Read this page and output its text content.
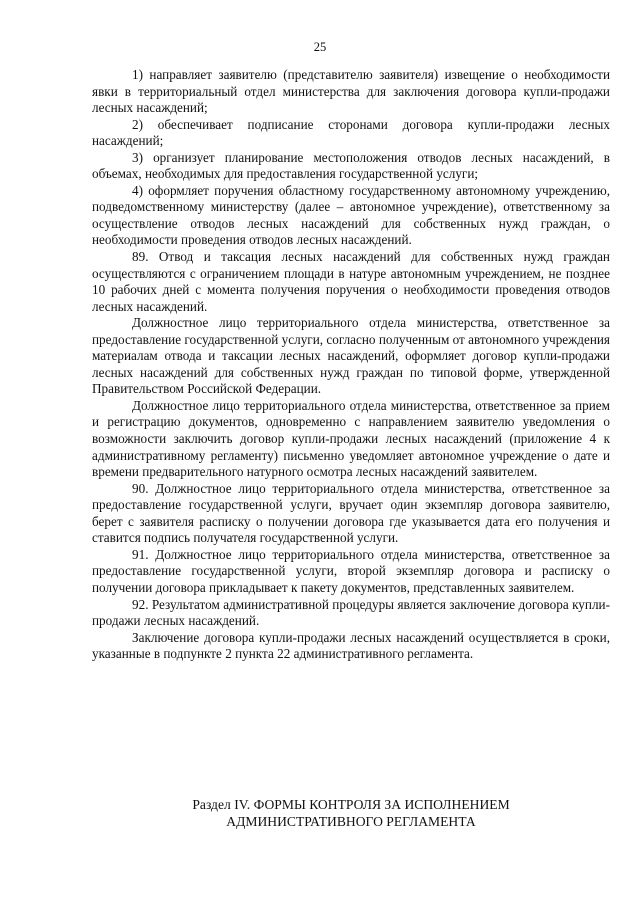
25

1) направляет заявителю (представителю заявителя) извещение о необходимости явки в территориальный отдел министерства для заключения договора купли-продажи лесных насаждений;

2) обеспечивает подписание сторонами договора купли-продажи лесных насаждений;

3) организует планирование местоположения отводов лесных насаждений, в объемах, необходимых для предоставления государственной услуги;

4) оформляет поручения областному государственному автономному учреждению, подведомственному министерству (далее – автономное учреждение), ответственному за осуществление отводов лесных насаждений для собственных нужд граждан, о необходимости проведения отводов лесных насаждений.

89. Отвод и таксация лесных насаждений для собственных нужд граждан осуществляются с ограничением площади в натуре автономным учреждением, не позднее 10 рабочих дней с момента получения поручения о необходимости проведения отводов лесных насаждений.

Должностное лицо территориального отдела министерства, ответственное за предоставление государственной услуги, согласно полученным от автономного учреждения материалам отвода и таксации лесных насаждений, оформляет договор купли-продажи лесных насаждений для собственных нужд граждан по типовой форме, утвержденной Правительством Российской Федерации.

Должностное лицо территориального отдела министерства, ответственное за прием и регистрацию документов, одновременно с направлением заявителю уведомления о возможности заключить договор купли-продажи лесных насаждений (приложение 4 к административному регламенту) письменно уведомляет автономное учреждение о дате и времени предварительного натурного осмотра лесных насаждений заявителем.

90. Должностное лицо территориального отдела министерства, ответственное за предоставление государственной услуги, вручает один экземпляр договора заявителю, берет с заявителя расписку о получении договора где указывается дата его получения и ставится подпись получателя государственной услуги.

91. Должностное лицо территориального отдела министерства, ответственное за предоставление государственной услуги, второй экземпляр договора и расписку о получении договора прикладывает к пакету документов, представленных заявителем.

92. Результатом административной процедуры является заключение договора купли-продажи лесных насаждений.

Заключение договора купли-продажи лесных насаждений осуществляется в сроки, указанные в подпункте 2 пункта 22 административного регламента.

Раздел IV. ФОРМЫ КОНТРОЛЯ ЗА ИСПОЛНЕНИЕМ
АДМИНИСТРАТИВНОГО РЕГЛАМЕНТА
